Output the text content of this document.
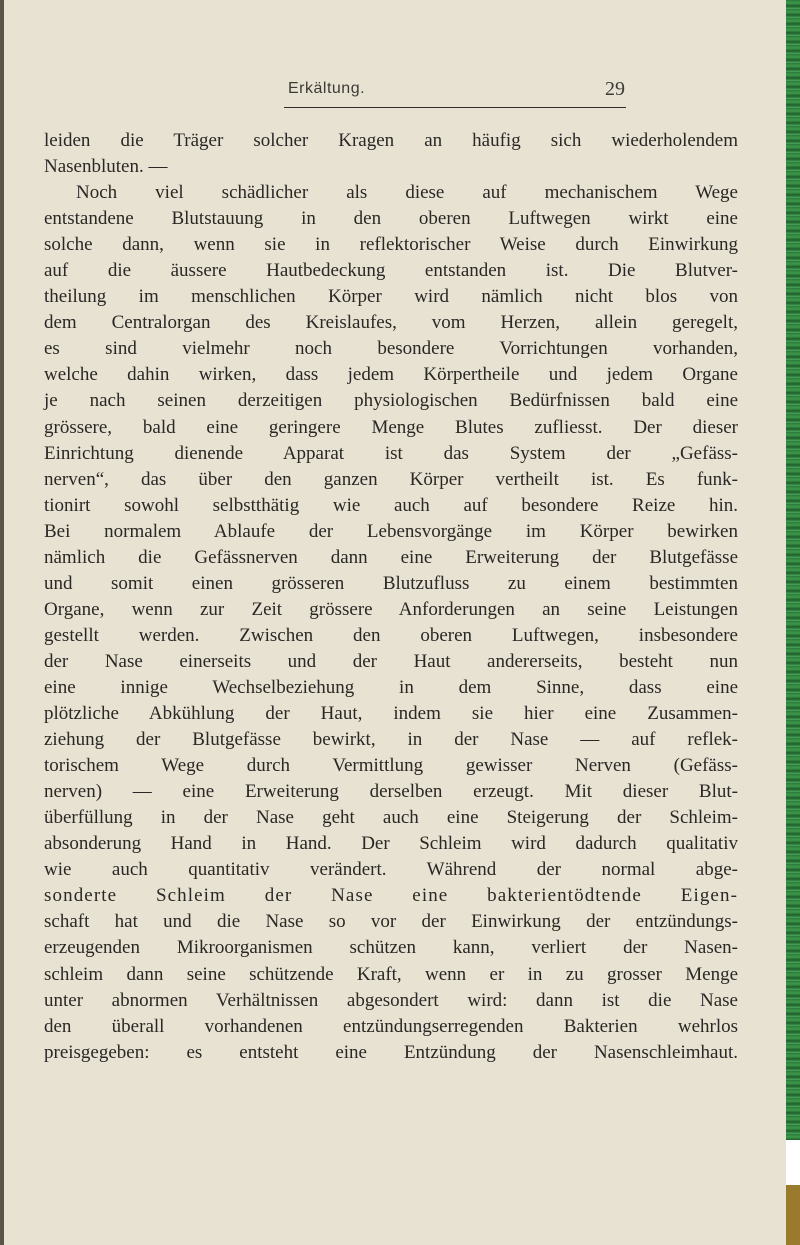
Erkältung.	29
leiden die Träger solcher Kragen an häufig sich wiederholendem
Nasenbluten. —
Noch viel schädlicher als diese auf mechanischem Wege
entstandene Blutstauung in den oberen Luftwegen wirkt eine
solche dann, wenn sie in reflektorischer Weise durch Einwirkung
auf die äussere Hautbedeckung entstanden ist. Die Blutver-
theilung im menschlichen Körper wird nämlich nicht blos von
dem Centralorgan des Kreislaufes, vom Herzen, allein geregelt,
es sind vielmehr noch besondere Vorrichtungen vorhanden,
welche dahin wirken, dass jedem Körpertheile und jedem Organe
je nach seinen derzeitigen physiologischen Bedürfnissen bald eine
grössere, bald eine geringere Menge Blutes zufliesst. Der dieser
Einrichtung dienende Apparat ist das System der „Gefäss-
nerven“, das über den ganzen Körper vertheilt ist. Es funk-
tionirt sowohl selbstthätig wie auch auf besondere Reize hin.
Bei normalem Ablaufe der Lebensvorgänge im Körper bewirken
nämlich die Gefässnerven dann eine Erweiterung der Blutgefässe
und somit einen grösseren Blutzufluss zu einem bestimmten
Organe, wenn zur Zeit grössere Anforderungen an seine Leistungen
gestellt werden. Zwischen den oberen Luftwegen, insbesondere
der Nase einerseits und der Haut andererseits, besteht nun
eine innige Wechselbeziehung in dem Sinne, dass eine
plötzliche Abkühlung der Haut, indem sie hier eine Zusammen-
ziehung der Blutgefässe bewirkt, in der Nase — auf reflek-
torischem Wege durch Vermittlung gewisser Nerven (Gefäss-
nerven) — eine Erweiterung derselben erzeugt. Mit dieser Blut-
überfüllung in der Nase geht auch eine Steigerung der Schleim-
absonderung Hand in Hand. Der Schleim wird dadurch qualitativ
wie auch quantitativ verändert. Während der normal abge-
sonderte Schleim der Nase eine bakterientödtende Eigen-
schaft hat und die Nase so vor der Einwirkung der entzündungs-
erzeugenden Mikroorganismen schützen kann, verliert der Nasen-
schleim dann seine schützende Kraft, wenn er in zu grosser Menge
unter abnormen Verhältnissen abgesondert wird: dann ist die Nase
den überall vorhandenen entzündungserregenden Bakterien wehrlos
preisgegeben: es entsteht eine Entzündung der Nasenschleimhaut.
